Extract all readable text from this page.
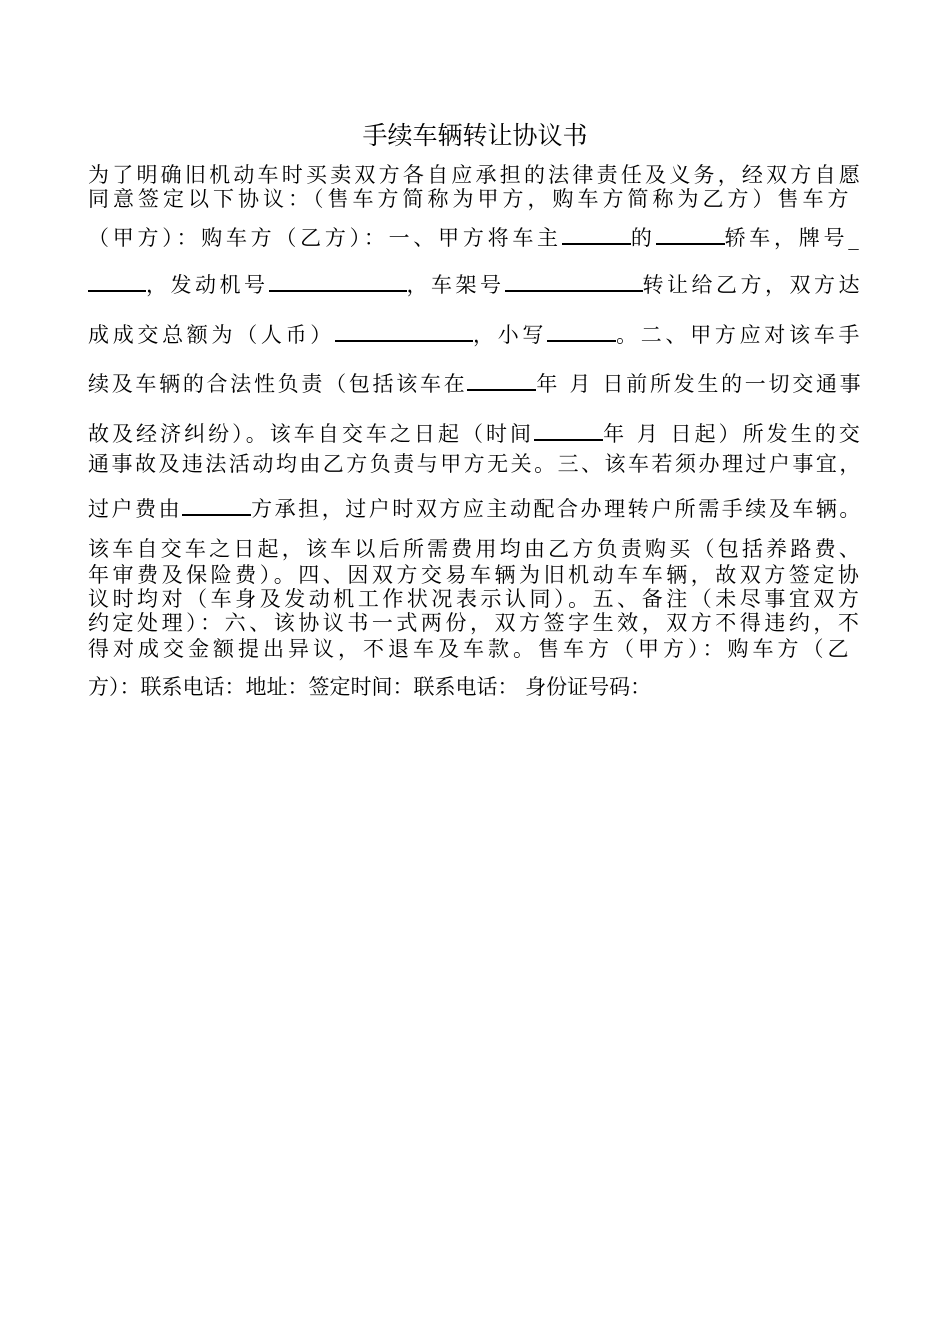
手续车辆转让协议书
为了明确旧机动车时买卖双方各自应承担的法律责任及义务，经双方自愿
同意签定以下协议：（售车方简称为甲方，购车方简称为乙方）售车方
（甲方）：购车方（乙方）：一、甲方将车主	的	轿车，牌号_
，发动机号	，车架号	转让给乙方，双方达
成成交总额为（人币）	，小写	。二、甲方应对该车手
续及车辆的合法性负责（包括该车在	年 月 日前所发生的一切交通事
故及经济纠纷）。该车自交车之日起（时间	年 月 日起）所发生的交
通事故及违法活动均由乙方负责与甲方无关。三、该车若须办理过户事宜，
过户费由	方承担，过户时双方应主动配合办理转户所需手续及车辆。
该车自交车之日起，该车以后所需费用均由乙方负责购买（包括养路费、
年审费及保险费）。四、因双方交易车辆为旧机动车车辆，故双方签定协
议时均对（车身及发动机工作状况表示认同）。五、备注（未尽事宜双方
约定处理）：六、该协议书一式两份，双方签字生效，双方不得违约，不
得对成交金额提出异议，不退车及车款。售车方（甲方）：购车方（乙
方）：联系电话：地址：签定时间：联系电话： 身份证号码：
